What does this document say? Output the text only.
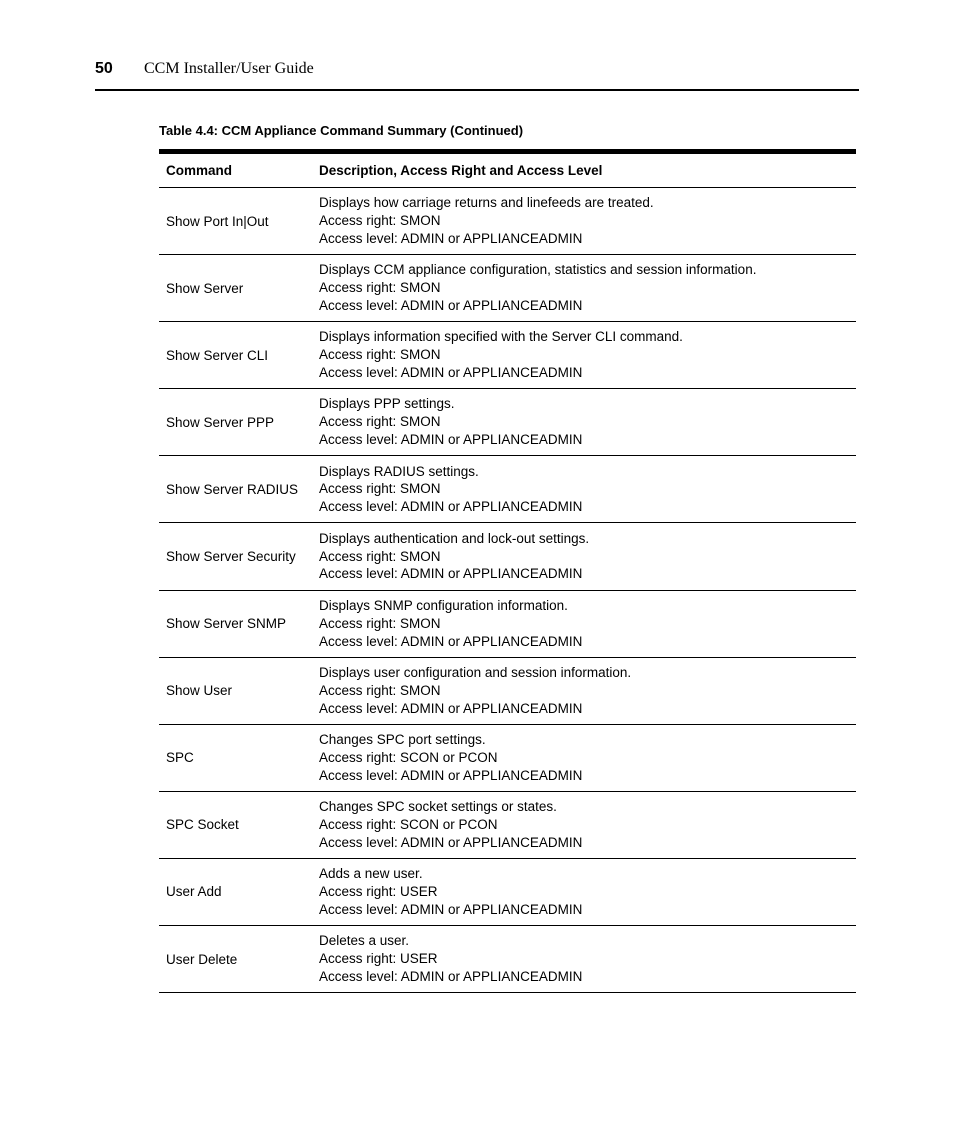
50 CCM Installer/User Guide
Table 4.4: CCM Appliance Command Summary (Continued)
Command	Description, Access Right and Access Level
Show Port In|Out
Displays how carriage returns and linefeeds are treated.
Access right: SMON
Access level: ADMIN or APPLIANCEADMIN
Show Server
Displays CCM appliance configuration, statistics and session information.
Access right: SMON
Access level: ADMIN or APPLIANCEADMIN
Show Server CLI
Displays information specified with the Server CLI command.
Access right: SMON
Access level: ADMIN or APPLIANCEADMIN
Show Server PPP
Displays PPP settings.
Access right: SMON
Access level: ADMIN or APPLIANCEADMIN
Show Server RADIUS
Displays RADIUS settings.
Access right: SMON
Access level: ADMIN or APPLIANCEADMIN
Show Server Security
Displays authentication and lock-out settings.
Access right: SMON
Access level: ADMIN or APPLIANCEADMIN
Show Server SNMP
Displays SNMP configuration information.
Access right: SMON
Access level: ADMIN or APPLIANCEADMIN
Show User
Displays user configuration and session information.
Access right: SMON
Access level: ADMIN or APPLIANCEADMIN
SPC
Changes SPC port settings.
Access right: SCON or PCON
Access level: ADMIN or APPLIANCEADMIN
SPC Socket
Changes SPC socket settings or states.
Access right: SCON or PCON
Access level: ADMIN or APPLIANCEADMIN
User Add
Adds a new user.
Access right: USER
Access level: ADMIN or APPLIANCEADMIN
User Delete
Deletes a user.
Access right: USER
Access level: ADMIN or APPLIANCEADMIN
